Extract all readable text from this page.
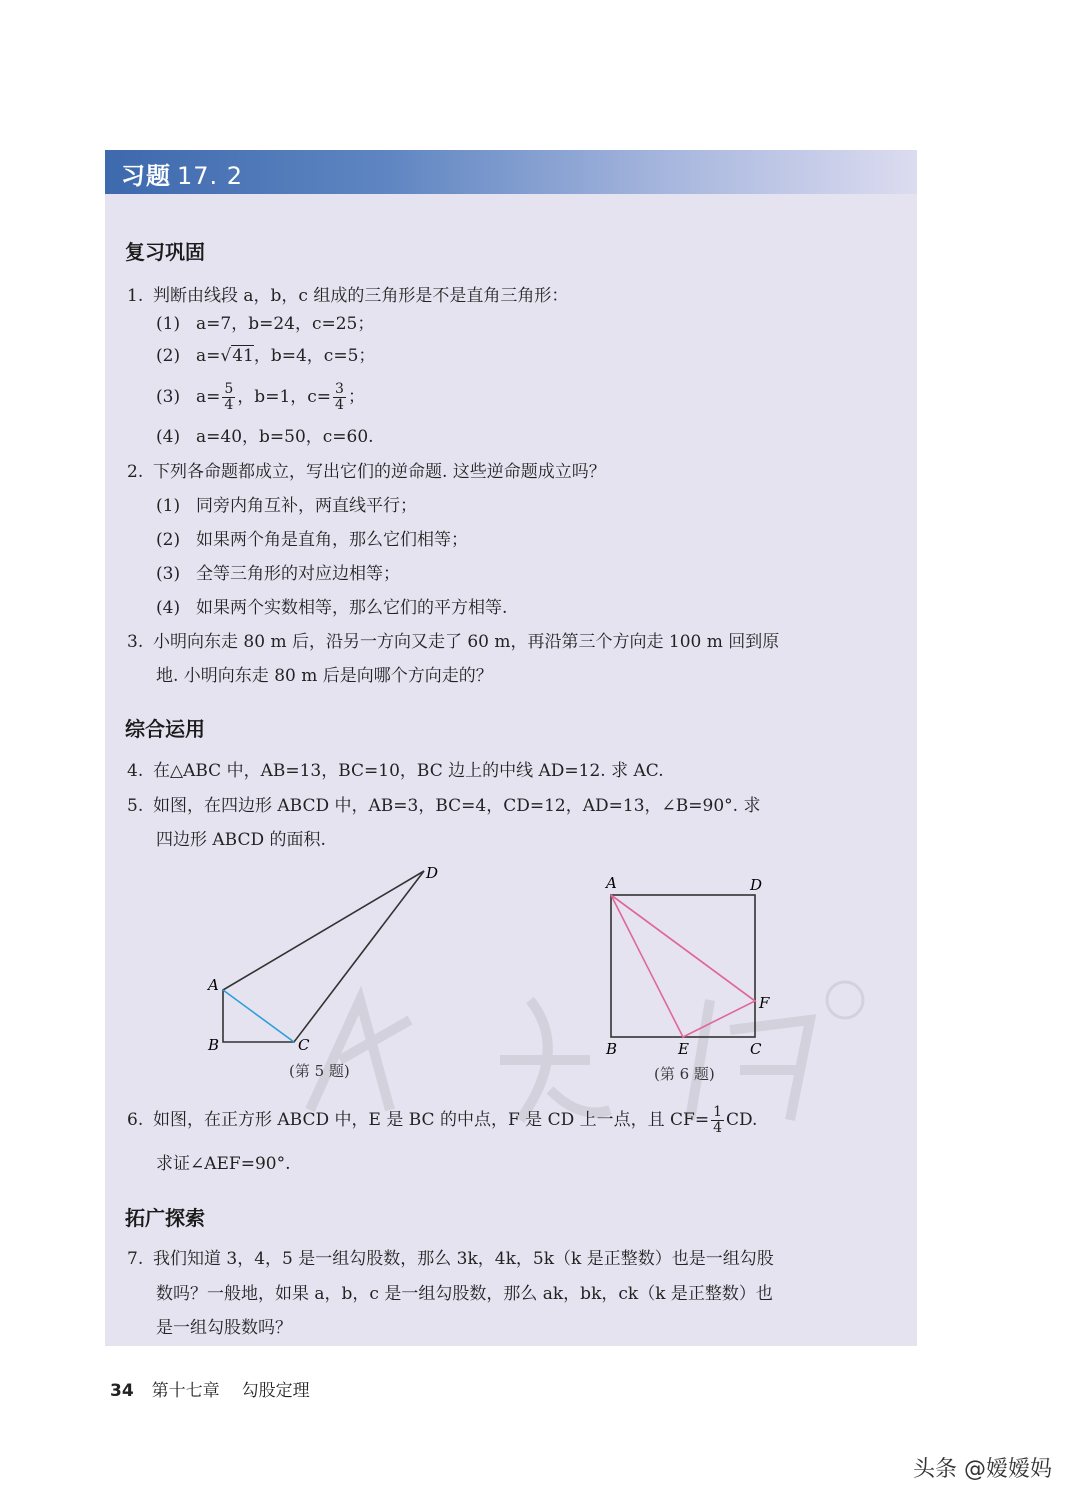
习题 17. 2
复习巩固
1. 判断由线段 a，b，c 组成的三角形是不是直角三角形：
(1) a=7，b=24，c=25；
(2) a=√41，b=4，c=5；
(3) $a= \frac{5}{4}$ ，b=1，$c= \frac{3}{4}$ ；
(4) a=40，b=50，c=60.
2. 下列各命题都成立，写出它们的逆命题. 这些逆命题成立吗？
(1) 同旁内角互补，两直线平行；
(2) 如果两个角是直角，那么它们相等；
(3) 全等三角形的对应边相等；
(4) 如果两个实数相等，那么它们的平方相等.
3. 小明向东走 80 m 后，沿另一方向又走了 60 m，再沿第三个方向走 100 m 回到原
地. 小明向东走 80 m 后是向哪个方向走的？
综合运用
4. 在△ABC 中，AB=13，BC=10，BC 边上的中线 AD=12. 求 AC.
5. 如图，在四边形 ABCD 中，AB=3，BC=4，CD=12，AD=13，∠B=90°. 求
四边形 ABCD 的面积.
A
B	C
D
(第 5 题)
A	D
B	E	C
F
(第 6 题)
6. 如图，在正方形 ABCD 中，E 是 BC 的中点，F 是 CD 上一点，且 $CF= \frac{1}{4}$ CD.
求证∠AEF=90°.
拓广探索
7. 我们知道 3，4，5 是一组勾股数，那么 3k，4k，5k（k 是正整数）也是一组勾股
数吗？一般地，如果 a，b，c 是一组勾股数，那么 ak，bk，ck（k 是正整数）也
是一组勾股数吗？
34 第十七章 勾股定理
头条 @嫒嫒妈
